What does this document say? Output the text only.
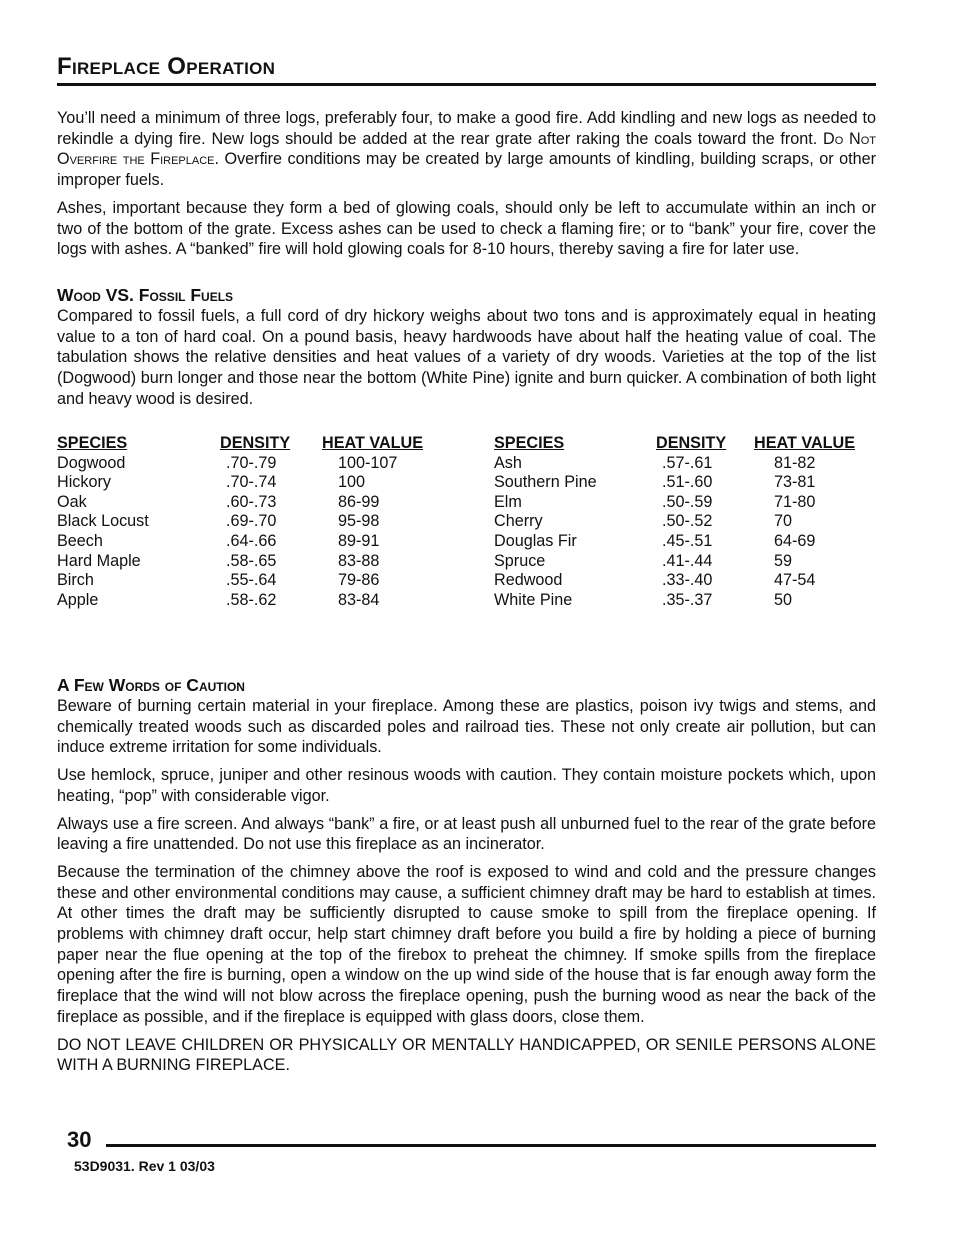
Fireplace Operation

You’ll need a minimum of three logs, preferably four, to make a good fire. Add kindling and new logs as needed to rekindle a dying fire. New logs should be added at the rear grate after raking the coals toward the front. Do Not Overfire the Fireplace. Overfire conditions may be created by large amounts of kindling, building scraps, or other improper fuels.

Ashes, important because they form a bed of glowing coals, should only be left to accumulate within an inch or two of the bottom of the grate. Excess ashes can be used to check a flaming fire; or to “bank” your fire, cover the logs with ashes. A “banked” fire will hold glowing coals for 8-10 hours, thereby saving a fire for later use.

Wood VS. Fossil Fuels

Compared to fossil fuels, a full cord of dry hickory weighs about two tons and is approximately equal in heating value to a ton of hard coal. On a pound basis, heavy hardwoods have about half the heating value of coal. The tabulation shows the relative densities and heat values of a variety of dry woods. Varieties at the top of the list (Dogwood) burn longer and those near the bottom (White Pine) ignite and burn quicker. A combination of both light and heavy wood is desired.

SPECIES	DENSITY	HEAT VALUE
Dogwood	.70-.79	100-107
Hickory	.70-.74	100
Oak	.60-.73	86-99
Black Locust	.69-.70	95-98
Beech	.64-.66	89-91
Hard Maple	.58-.65	83-88
Birch	.55-.64	79-86
Apple	.58-.62	83-84
SPECIES	DENSITY	HEAT VALUE
Ash	.57-.61	81-82
Southern Pine	.51-.60	73-81
Elm	.50-.59	71-80
Cherry	.50-.52	70
Douglas Fir	.45-.51	64-69
Spruce	.41-.44	59
Redwood	.33-.40	47-54
White Pine	.35-.37	50
A Few Words of Caution

Beware of burning certain material in your fireplace. Among these are plastics, poison ivy twigs and stems, and chemically treated woods such as discarded poles and railroad ties. These not only create air pollution, but can induce extreme irritation for some individuals.

Use hemlock, spruce, juniper and other resinous woods with caution. They contain moisture pockets which, upon heating, “pop” with considerable vigor.

Always use a fire screen. And always “bank” a fire, or at least push all unburned fuel to the rear of the grate before leaving a fire unattended. Do not use this fireplace as an incinerator.

Because the termination of the chimney above the roof is exposed to wind and cold and the pressure changes these and other environmental conditions may cause, a sufficient chimney draft may be hard to establish at times. At other times the draft may be sufficiently disrupted to cause smoke to spill from the fireplace opening. If problems with chimney draft occur, help start chimney draft before you build a fire by holding a piece of burning paper near the flue opening at the top of the firebox to preheat the chimney. If smoke spills from the fireplace opening after the fire is burning, open a window on the up wind side of the house that is far enough away form the fireplace that the wind will not blow across the fireplace opening, push the burning wood as near the back of the fireplace as possible, and if the fireplace is equipped with glass doors, close them.

DO NOT LEAVE CHILDREN OR PHYSICALLY OR MENTALLY HANDICAPPED, OR SENILE PERSONS ALONE WITH A BURNING FIREPLACE.

30
53D9031. Rev 1 03/03
